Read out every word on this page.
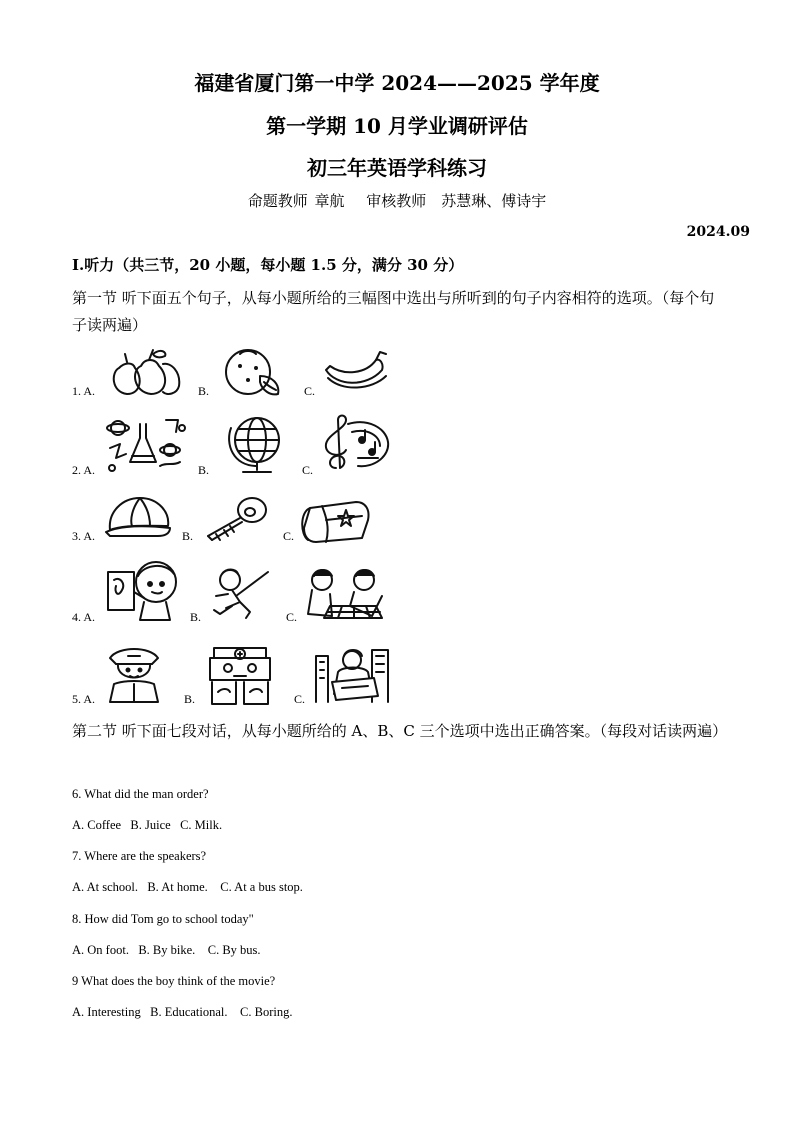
福建省厦门第一中学 2024——2025 学年度
第一学期 10 月学业调研评估
初三年英语学科练习
命题教师 章航　 审核教师　苏慧琳、傅诗宇
2024.09
Ⅰ.听力（共三节，20 小题，每小题 1.5 分，满分 30 分）
第一节 听下面五个句子，从每小题所给的三幅图中选出与所听到的句子内容相符的选项。（每个句子读两遍）
1. A.	B.	C.
2. A.	B.	C.
3. A.	B.	C.
4. A.	B.	C.
5. A.	B.	C.
第二节 听下面七段对话，从每小题所给的 A、B、C 三个选项中选出正确答案。（每段对话读两遍）
6. What did the man order?
A. Coffee   B. Juice   C. Milk.
7. Where are the speakers?
A. At school.   B. At home.    C. At a bus stop.
8. How did Tom go to school today"
A. On foot.   B. By bike.    C. By bus.
9 What does the boy think of the movie?
A. Interesting   B. Educational.    C. Boring.
